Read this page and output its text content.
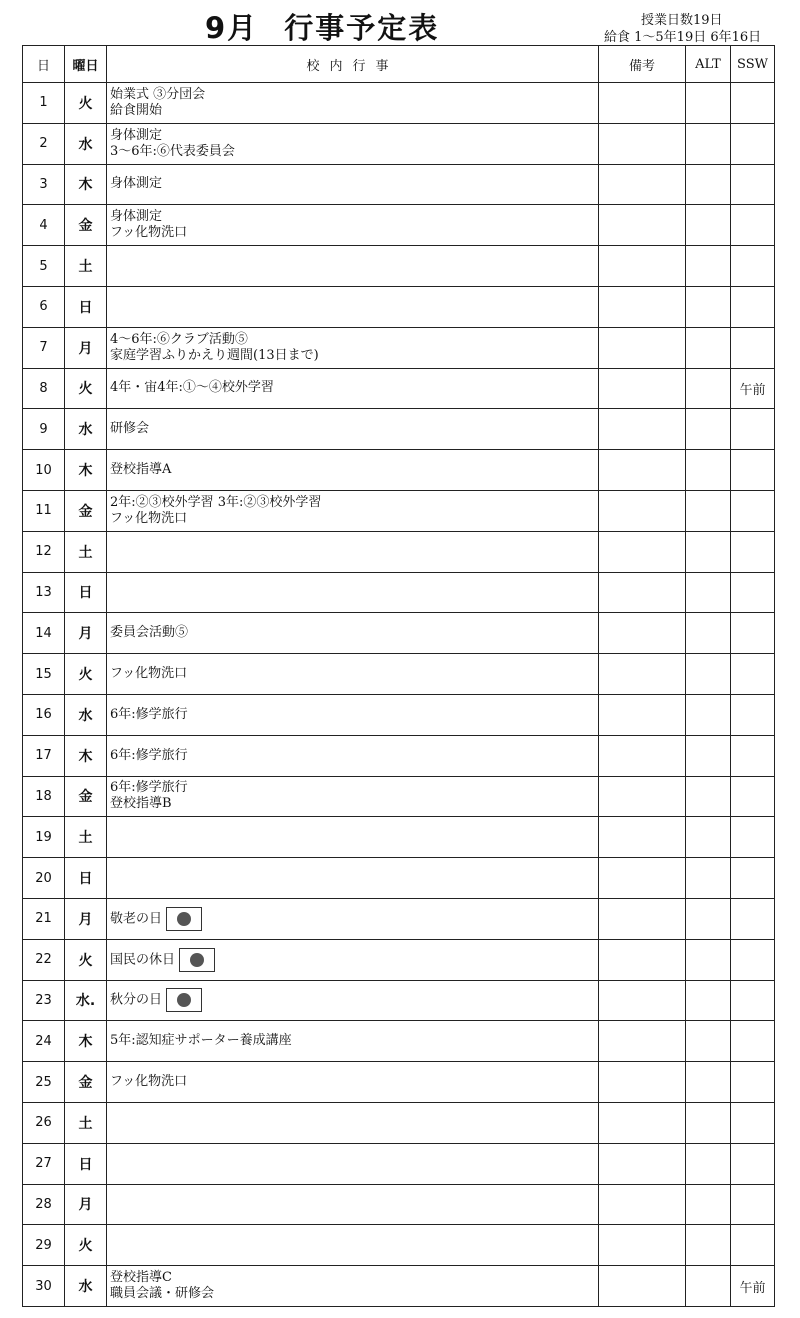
9月 行事予定表	授業日数19日
給食 1〜5年19日 6年16日
日	曜日	校内行事	備考	ALT	SSW
1	火	始業式 ③分団会
給食開始			

2	水	身体測定
3〜6年:⑥代表委員会			

3	木	身体測定			

4	金	身体測定
フッ化物洗口			

5	土				
6	日				
7	月	4〜6年:⑥クラブ活動⑤
家庭学習ふりかえり週間(13日まで)			

8	火	4年・宙4年:①〜④校外学習			午前
9	水	研修会			

10	木	登校指導A			

11	金	2年:②③校外学習 3年:②③校外学習
フッ化物洗口			

12	土				
13	日				
14	月	委員会活動⑤			

15	火	フッ化物洗口			

16	水	6年:修学旅行			

17	木	6年:修学旅行			

18	金	6年:修学旅行
登校指導B			

19	土				
20	日				
21	月	敬老の日			

22	火	国民の休日			

23	水.	秋分の日			

24	木	5年:認知症サポーター養成講座			

25	金	フッ化物洗口			

26	土				
27	日				
28	月				
29	火				
30	水	登校指導C
職員会議・研修会			午前
